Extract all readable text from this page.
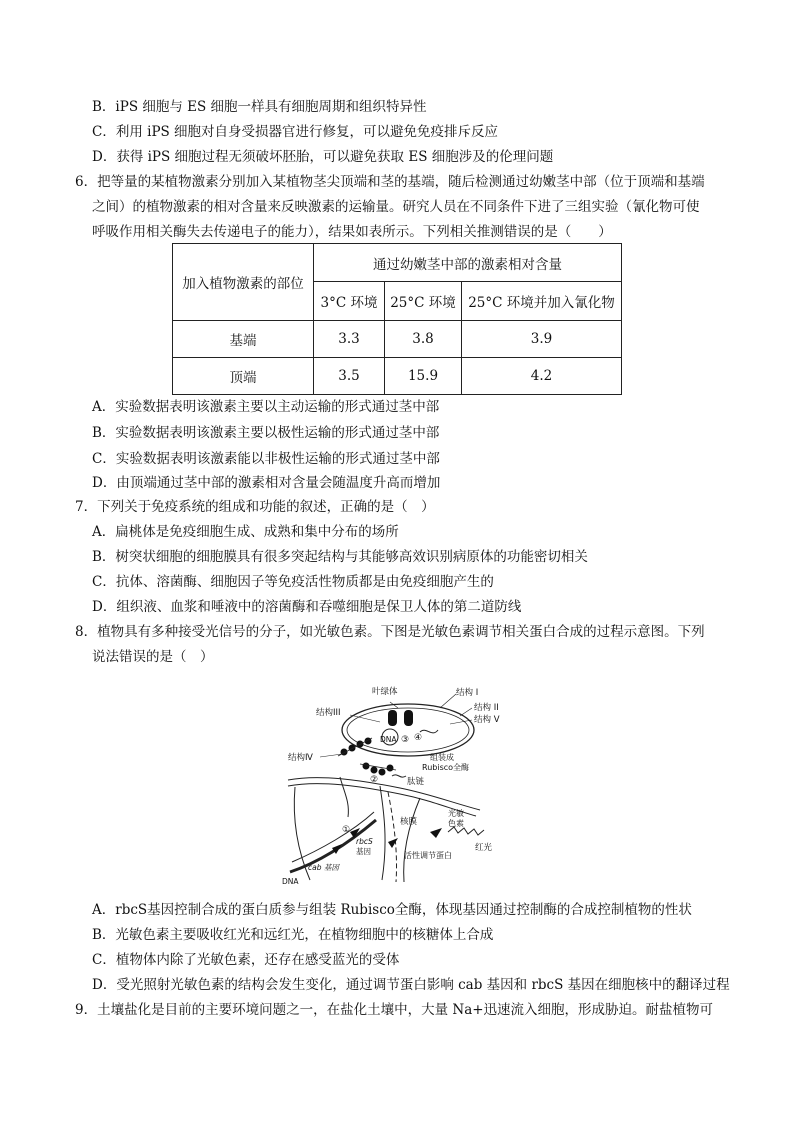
B．iPS 细胞与 ES 细胞一样具有细胞周期和组织特异性
C．利用 iPS 细胞对自身受损器官进行修复，可以避免免疫排斥反应
D．获得 iPS 细胞过程无须破坏胚胎，可以避免获取 ES 细胞涉及的伦理问题
6．把等量的某植物激素分别加入某植物茎尖顶端和茎的基端，随后检测通过幼嫩茎中部（位于顶端和基端
之间）的植物激素的相对含量来反映激素的运输量。研究人员在不同条件下进了三组实验（氰化物可使
呼吸作用相关酶失去传递电子的能力），结果如表所示。下列相关推测错误的是（　　）
加入植物激素的部位	通过幼嫩茎中部的激素相对含量		
	3°C 环境	25°C 环境	25°C 环境并加入氰化物
基端	3.3	3.8	3.9
顶端	3.5	15.9	4.2
A．实验数据表明该激素主要以主动运输的形式通过茎中部
B．实验数据表明该激素主要以极性运输的形式通过茎中部
C．实验数据表明该激素能以非极性运输的形式通过茎中部
D．由顶端通过茎中部的激素相对含量会随温度升高而增加
7．下列关于免疫系统的组成和功能的叙述，正确的是（　）
A．扁桃体是免疫细胞生成、成熟和集中分布的场所
B．树突状细胞的细胞膜具有很多突起结构与其能够高效识别病原体的功能密切相关
C．抗体、溶菌酶、细胞因子等免疫活性物质都是由免疫细胞产生的
D．组织液、血浆和唾液中的溶菌酶和吞噬细胞是保卫人体的第二道防线
8．植物具有多种接受光信号的分子，如光敏色素。下图是光敏色素调节相关蛋白合成的过程示意图。下列
说法错误的是（　）
叶绿体	结构 I
结构 II
结构III
结构 V
DNA ③ ④
结构Ⅳ	组装成
Rubisco全酶
②	肽链
①
核膜
光敏
色素
rbcS
基因	活性调节蛋白
红光
cab 基因
DNA
A．rbcS基因控制合成的蛋白质参与组装 Rubisco全酶，体现基因通过控制酶的合成控制植物的性状
B．光敏色素主要吸收红光和远红光，在植物细胞中的核糖体上合成
C．植物体内除了光敏色素，还存在感受蓝光的受体
D．受光照射光敏色素的结构会发生变化，通过调节蛋白影响 cab 基因和 rbcS 基因在细胞核中的翻译过程
9．土壤盐化是目前的主要环境问题之一，在盐化土壤中，大量 Na+迅速流入细胞，形成胁迫。耐盐植物可
